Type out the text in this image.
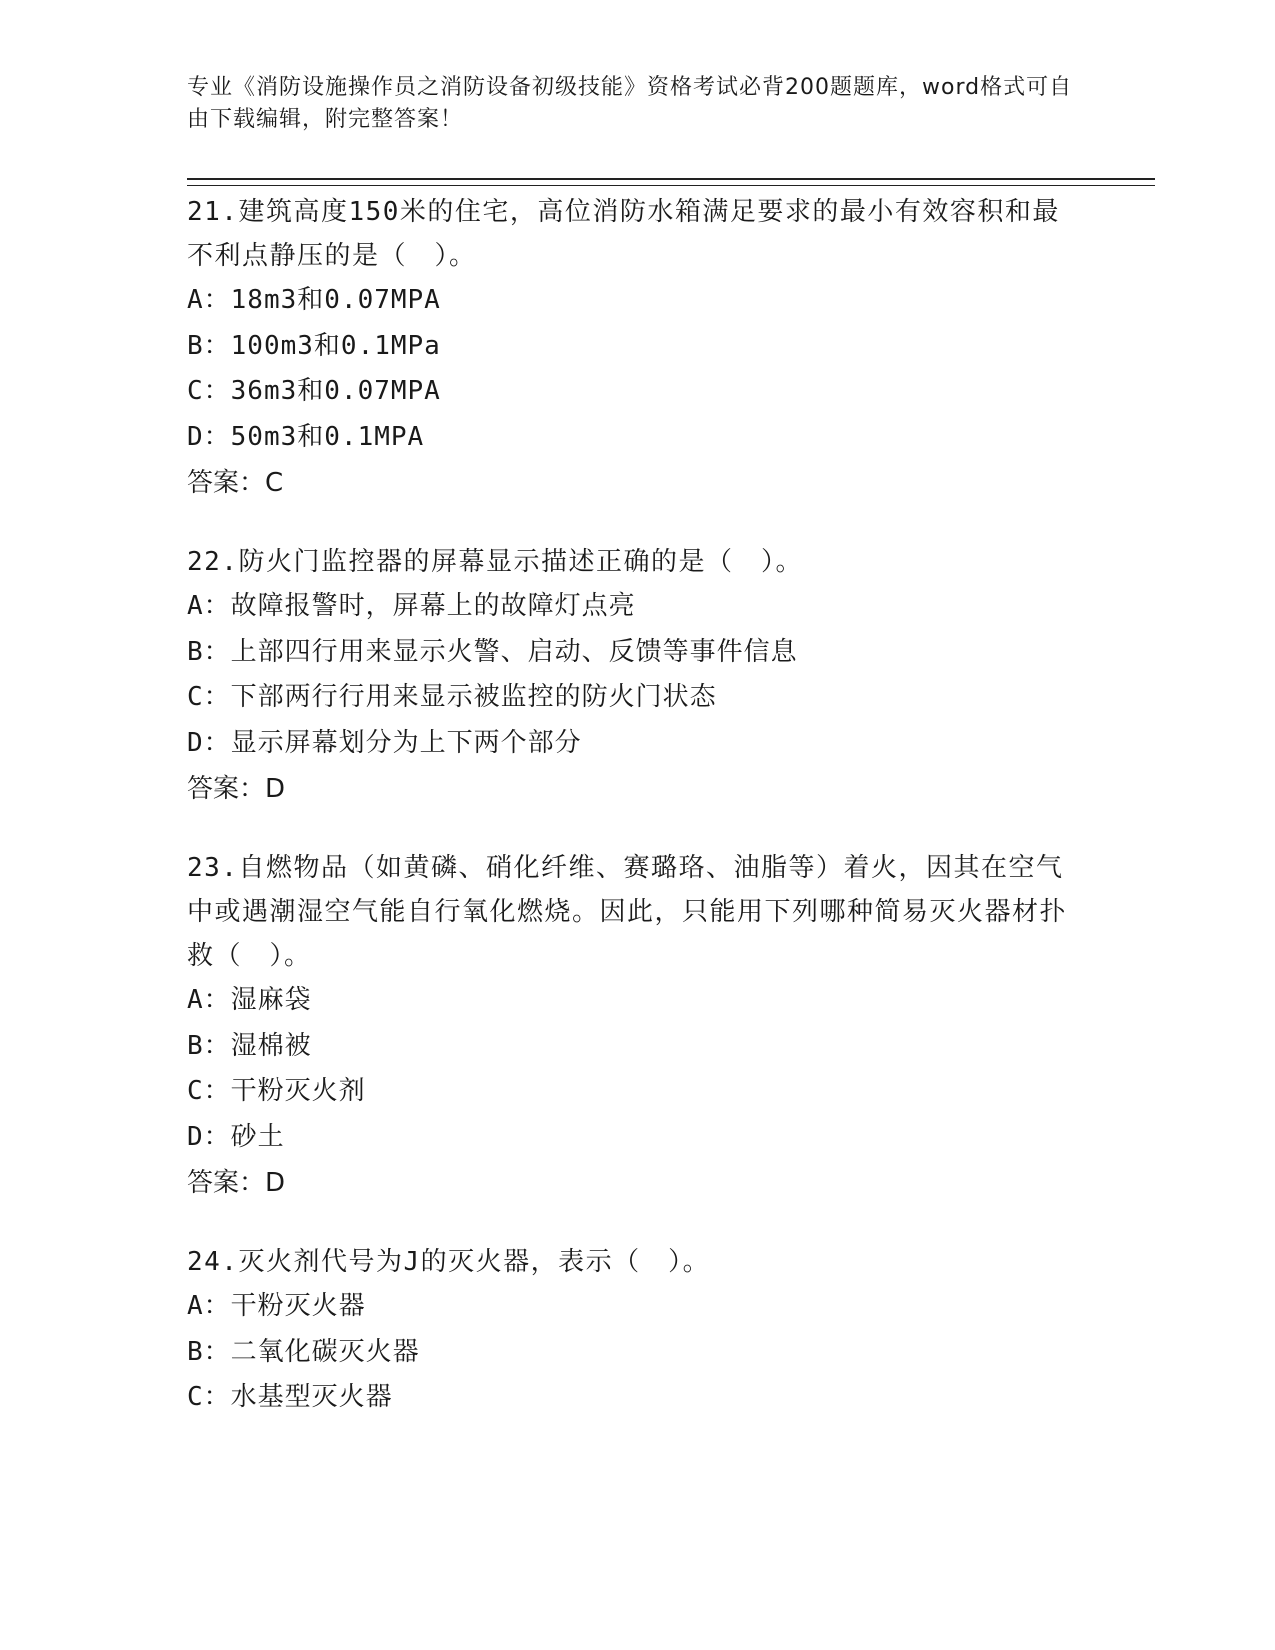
专业《消防设施操作员之消防设备初级技能》资格考试必背200题题库，word格式可自由下载编辑，附完整答案！

21.建筑高度150米的住宅，高位消防水箱满足要求的最小有效容积和最不利点静压的是（　）。

A：18m3和0.07MPA

B：100m3和0.1MPa

C：36m3和0.07MPA

D：50m3和0.1MPA

答案：C

22.防火门监控器的屏幕显示描述正确的是（　）。

A：故障报警时，屏幕上的故障灯点亮

B：上部四行用来显示火警、启动、反馈等事件信息

C：下部两行行用来显示被监控的防火门状态

D：显示屏幕划分为上下两个部分

答案：D

23.自燃物品（如黄磷、硝化纤维、赛璐珞、油脂等）着火，因其在空气中或遇潮湿空气能自行氧化燃烧。因此，只能用下列哪种简易灭火器材扑救（　）。

A：湿麻袋

B：湿棉被

C：干粉灭火剂

D：砂土

答案：D

24.灭火剂代号为J的灭火器，表示（　）。

A：干粉灭火器

B：二氧化碳灭火器

C：水基型灭火器
